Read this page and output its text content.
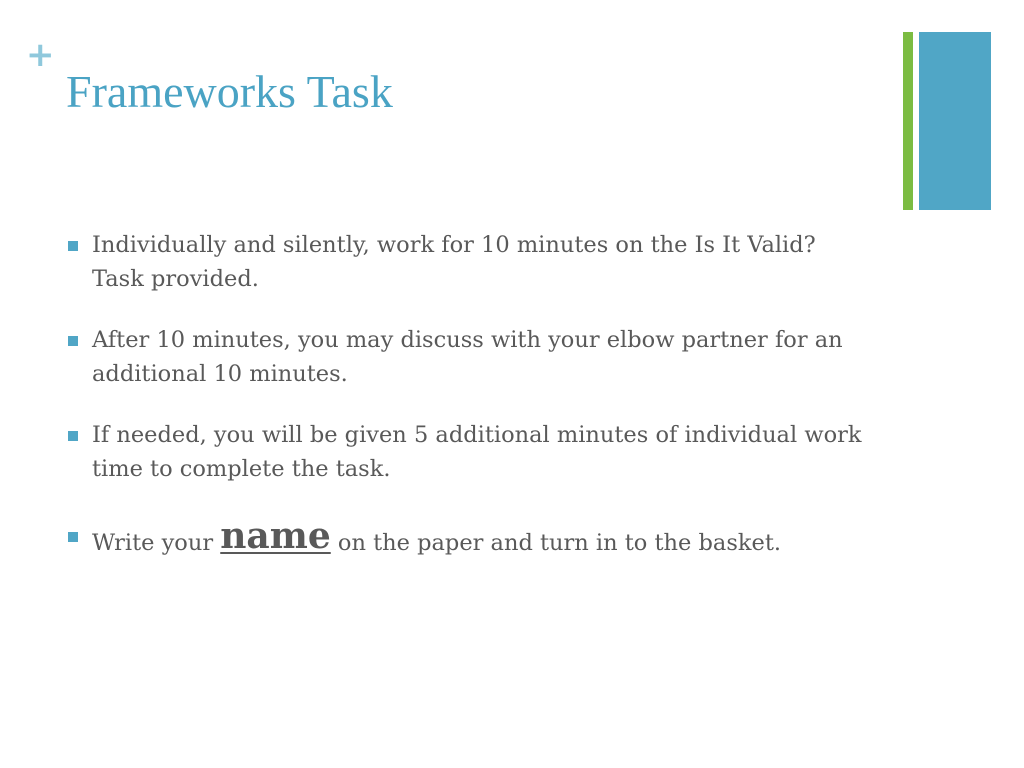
+
Frameworks Task
Individually and silently, work for 10 minutes on the Is It Valid? Task provided.
After 10 minutes, you may discuss with your elbow partner for an additional 10 minutes.
If needed, you will be given 5 additional minutes of individual work time to complete the task.
Write your name on the paper and turn in to the basket.
